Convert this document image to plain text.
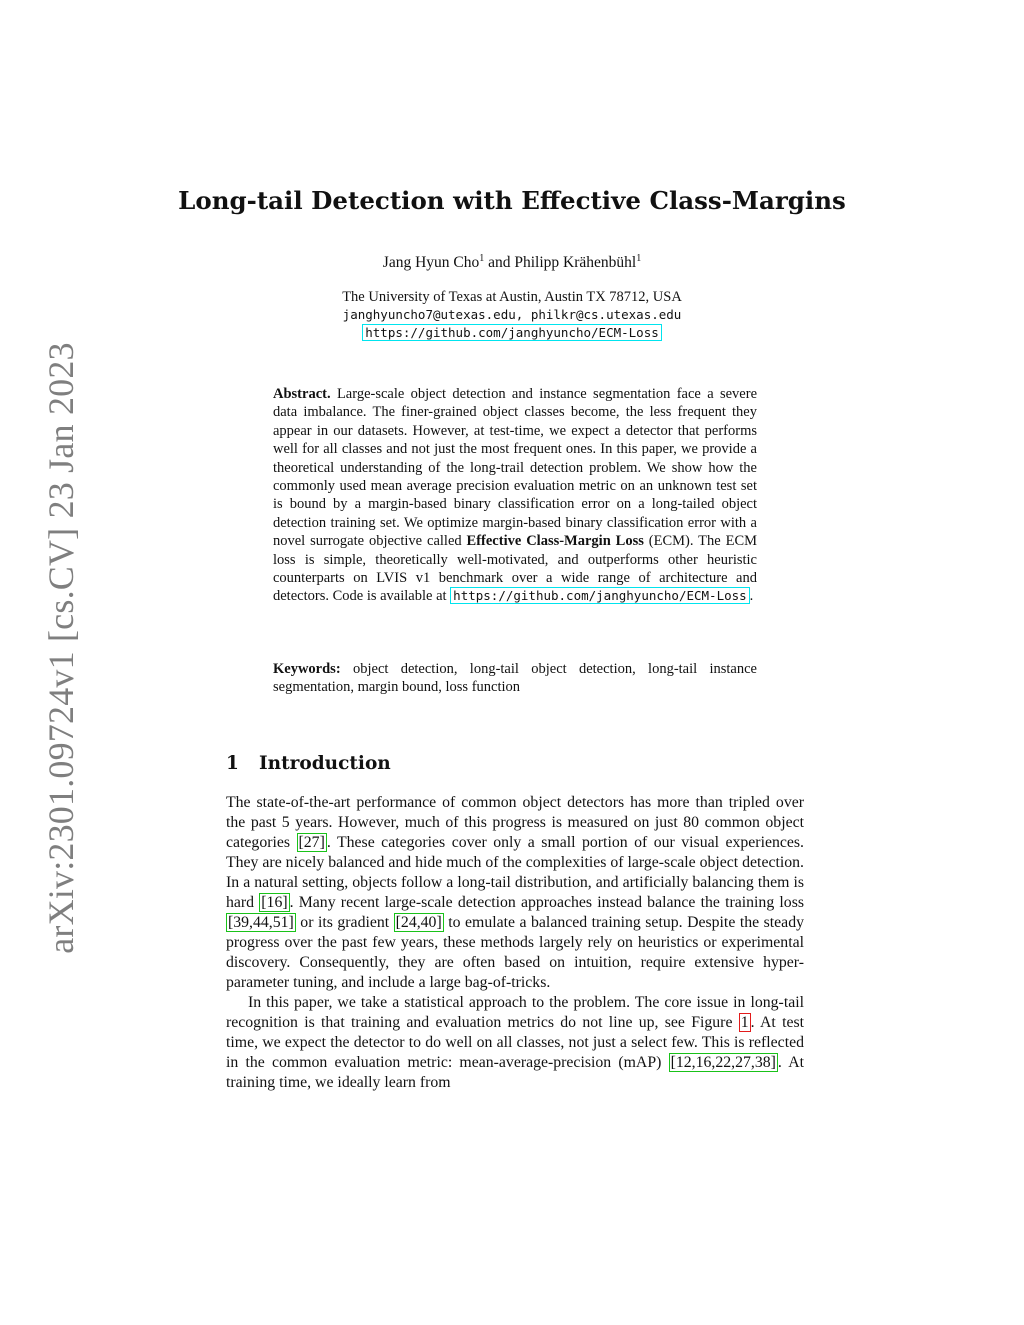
arXiv:2301.09724v1 [cs.CV] 23 Jan 2023
Long-tail Detection with Effective Class-Margins
Jang Hyun Cho$^1$ and Philipp Krähenbühl$^1$
The University of Texas at Austin, Austin TX 78712, USA
janghyuncho7@utexas.edu, philkr@cs.utexas.edu
https://github.com/janghyuncho/ECM-Loss
Abstract. Large-scale object detection and instance segmentation face a severe data imbalance. The finer-grained object classes become, the less frequent they appear in our datasets. However, at test-time, we expect a detector that performs well for all classes and not just the most frequent ones. In this paper, we provide a theoretical understanding of the long-trail detection problem. We show how the commonly used mean average precision evaluation metric on an unknown test set is bound by a margin-based binary classification error on a long-tailed object detection training set. We optimize margin-based binary classification error with a novel surrogate objective called Effective Class-Margin Loss (ECM). The ECM loss is simple, theoretically well-motivated, and outperforms other heuristic counterparts on LVIS v1 benchmark over a wide range of architecture and detectors. Code is available at https://github.com/janghyuncho/ECM-Loss .
Keywords: object detection, long-tail object detection, long-tail instance segmentation, margin bound, loss function
1 Introduction

The state-of-the-art performance of common object detectors has more than tripled over the past 5 years. However, much of this progress is measured on just 80 common object categories [27] . These categories cover only a small portion of our visual experiences. They are nicely balanced and hide much of the complexities of large-scale object detection. In a natural setting, objects follow a long-tail distribution, and artificially balancing them is hard [16] . Many recent large-scale detection approaches instead balance the training loss [39,44,51] or its gradient [24,40] to emulate a balanced training setup. Despite the steady progress over the past few years, these methods largely rely on heuristics or experimental discovery. Consequently, they are often based on intuition, require extensive hyper-parameter tuning, and include a large bag-of-tricks.

In this paper, we take a statistical approach to the problem. The core issue in long-tail recognition is that training and evaluation metrics do not line up, see Figure 1 . At test time, we expect the detector to do well on all classes, not just a select few. This is reflected in the common evaluation metric: mean-average-precision (mAP) [12,16,22,27,38] . At training time, we ideally learn from
